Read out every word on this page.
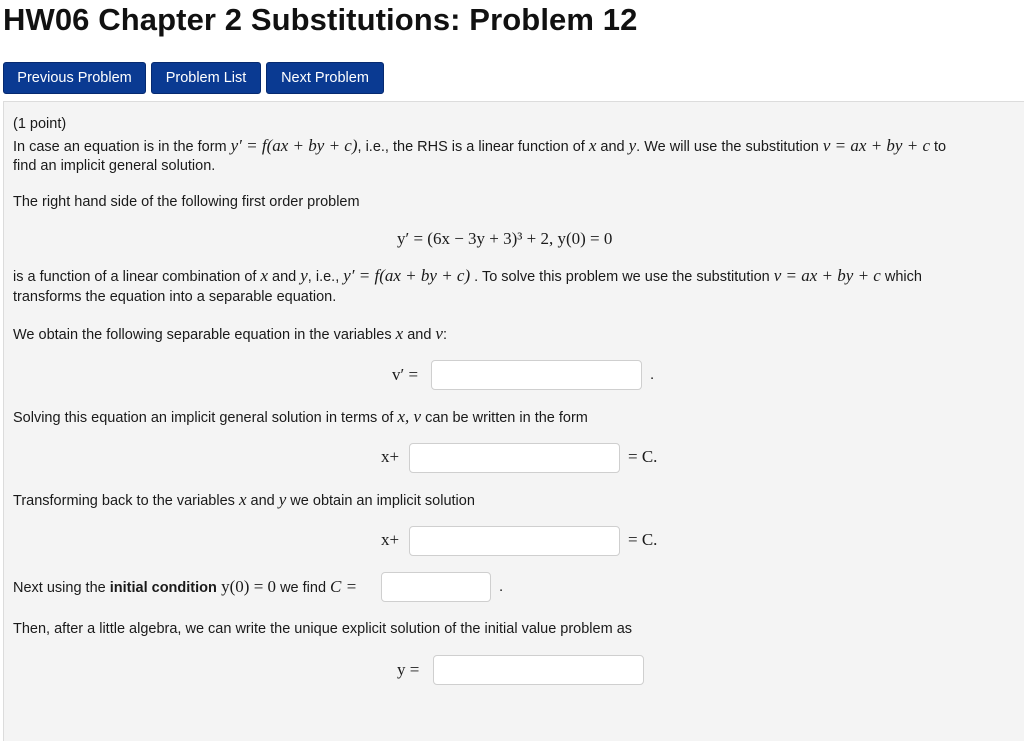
HW06 Chapter 2 Substitutions: Problem 12
Previous Problem	Problem List	Next Problem
(1 point)
In case an equation is in the form y′ = f(ax + by + c), i.e., the RHS is a linear function of x and y. We will use the substitution v = ax + by + c to
find an implicit general solution.
The right hand side of the following first order problem
y′ = (6x − 3y + 3)³ + 2, y(0) = 0
is a function of a linear combination of x and y, i.e., y′ = f(ax + by + c) . To solve this problem we use the substitution v = ax + by + c which
transforms the equation into a separable equation.
We obtain the following separable equation in the variables x and v:
v′ =	.
Solving this equation an implicit general solution in terms of x, v can be written in the form
x+	= C.
Transforming back to the variables x and y we obtain an implicit solution
x+	= C.
Next using the initial condition y(0) = 0 we find C =	.
Then, after a little algebra, we can write the unique explicit solution of the initial value problem as
y =
